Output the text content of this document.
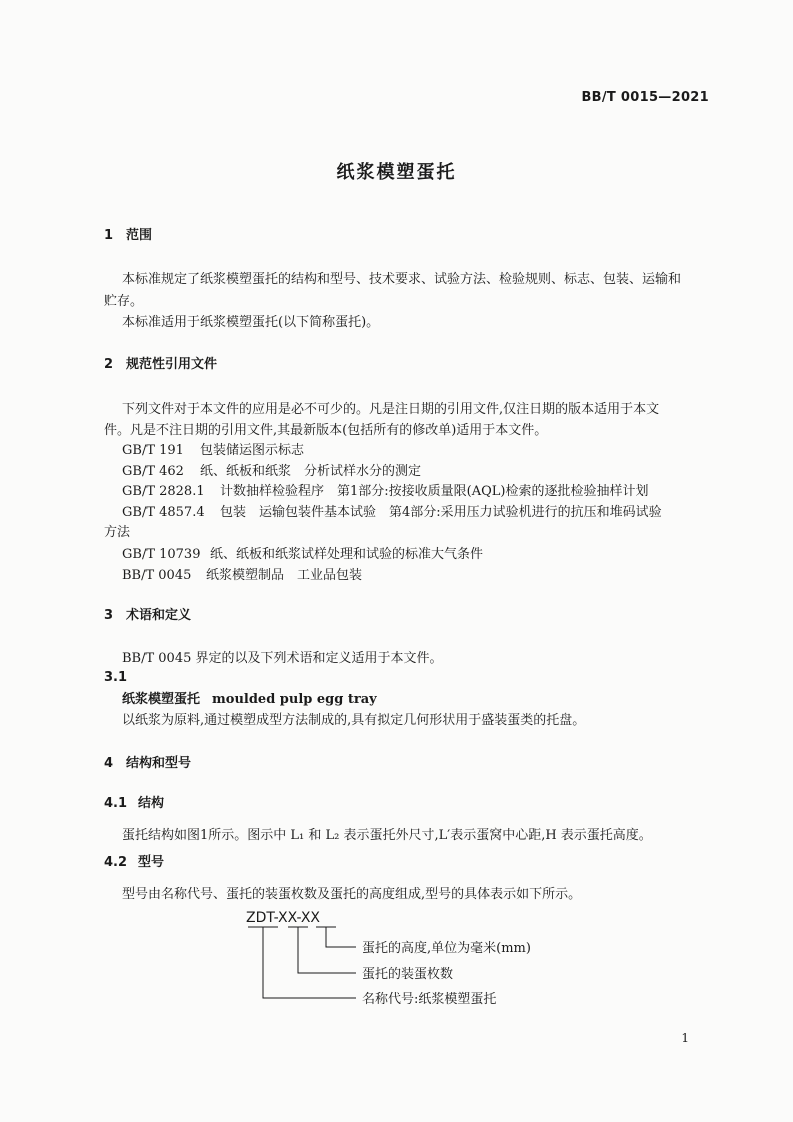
BB/T 0015—2021
纸浆模塑蛋托
1 范围
本标准规定了纸浆模塑蛋托的结构和型号、技术要求、试验方法、检验规则、标志、包装、运输和
贮存。
本标准适用于纸浆模塑蛋托(以下简称蛋托)。
2 规范性引用文件
下列文件对于本文件的应用是必不可少的。凡是注日期的引用文件,仅注日期的版本适用于本文
件。凡是不注日期的引用文件,其最新版本(包括所有的修改单)适用于本文件。
GB/T 191 包装储运图示标志
GB/T 462 纸、纸板和纸浆　分析试样水分的测定
GB/T 2828.1 计数抽样检验程序　第1部分:按接收质量限(AQL)检索的逐批检验抽样计划
GB/T 4857.4 包装　运输包装件基本试验　第4部分:采用压力试验机进行的抗压和堆码试验
方法
GB/T 10739 纸、纸板和纸浆试样处理和试验的标准大气条件
BB/T 0045 纸浆模塑制品　工业品包装
3 术语和定义
BB/T 0045 界定的以及下列术语和定义适用于本文件。
3.1
纸浆模塑蛋托 moulded pulp egg tray
以纸浆为原料,通过模塑成型方法制成的,具有拟定几何形状用于盛装蛋类的托盘。
4 结构和型号
4.1 结构
蛋托结构如图1所示。图示中 L₁ 和 L₂ 表示蛋托外尺寸,L′表示蛋窝中心距,H 表示蛋托高度。
4.2 型号
型号由名称代号、蛋托的装蛋枚数及蛋托的高度组成,型号的具体表示如下所示。
ZDT-XX-XX
蛋托的高度,单位为毫米(mm)
蛋托的装蛋枚数
名称代号:纸浆模塑蛋托
1
